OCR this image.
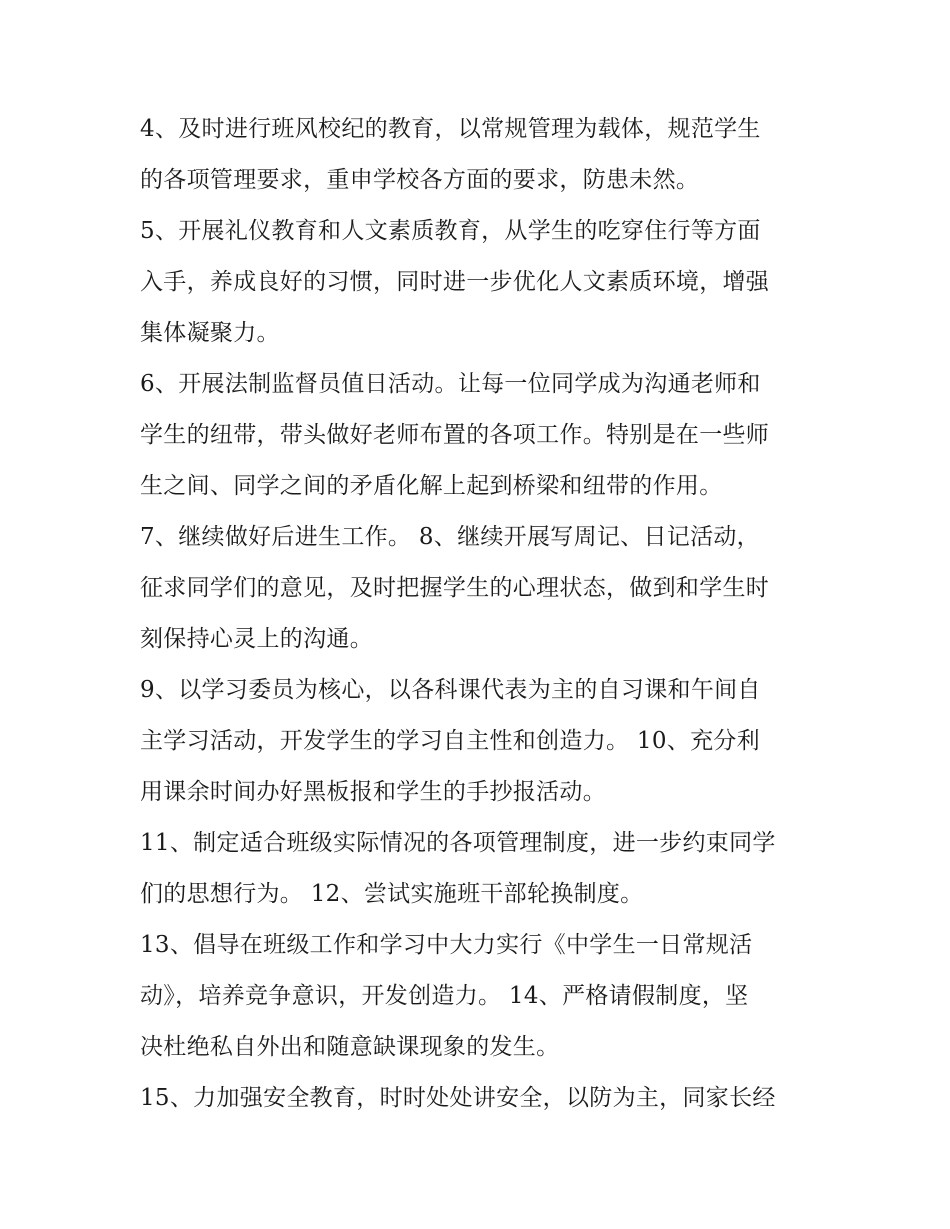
4、及时进行班风校纪的教育，以常规管理为载体，规范学生
的各项管理要求，重申学校各方面的要求，防患未然。
5、开展礼仪教育和人文素质教育，从学生的吃穿住行等方面
入手，养成良好的习惯，同时进一步优化人文素质环境，增强
集体凝聚力。
6、开展法制监督员值日活动。让每一位同学成为沟通老师和
学生的纽带，带头做好老师布置的各项工作。特别是在一些师
生之间、同学之间的矛盾化解上起到桥梁和纽带的作用。
7、继续做好后进生工作。 8、继续开展写周记、日记活动，
征求同学们的意见，及时把握学生的心理状态，做到和学生时
刻保持心灵上的沟通。
9、以学习委员为核心，以各科课代表为主的自习课和午间自
主学习活动，开发学生的学习自主性和创造力。 10、充分利
用课余时间办好黑板报和学生的手抄报活动。
11、制定适合班级实际情况的各项管理制度，进一步约束同学
们的思想行为。 12、尝试实施班干部轮换制度。
13、倡导在班级工作和学习中大力实行《中学生一日常规活
动》，培养竞争意识，开发创造力。 14、严格请假制度，坚
决杜绝私自外出和随意缺课现象的发生。
15、力加强安全教育，时时处处讲安全，以防为主，同家长经
